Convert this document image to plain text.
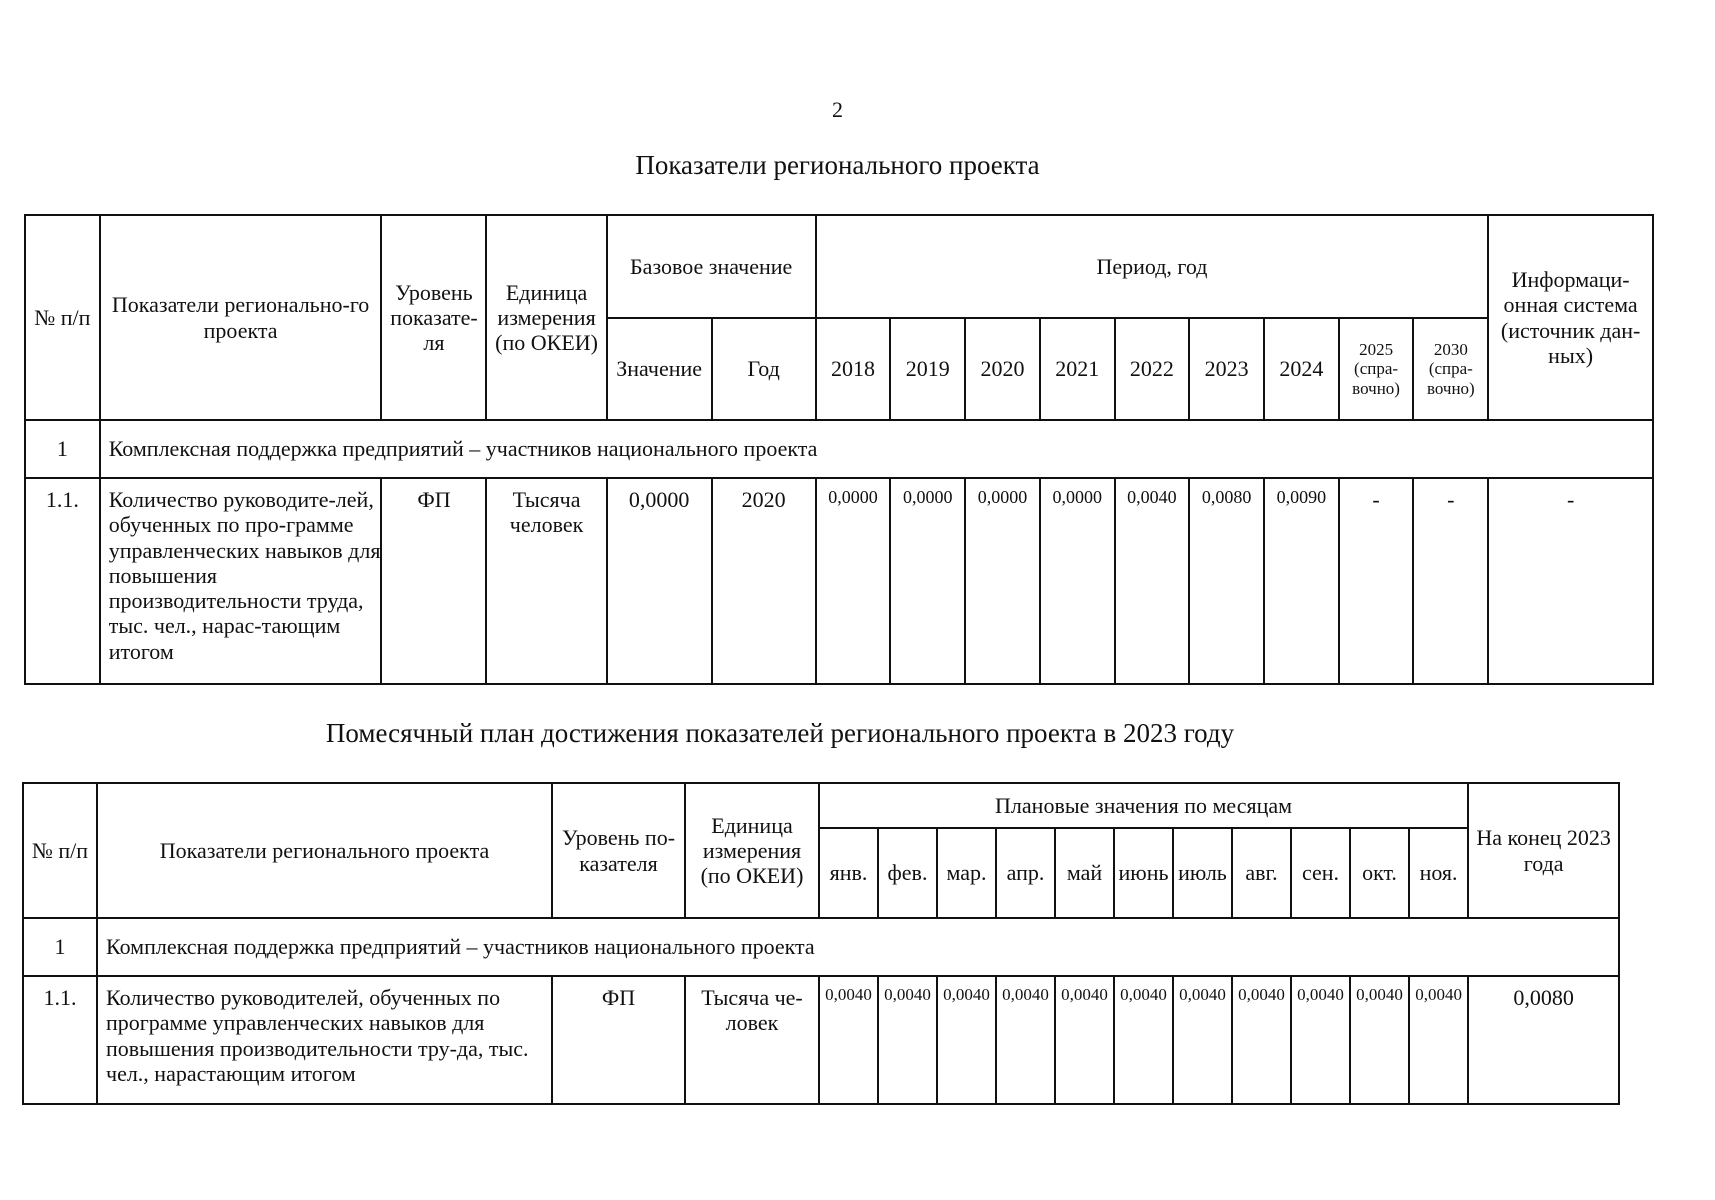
2
Показатели регионального проекта
№ п/п	Показатели регионально-го проекта	Уровень показате-ля	Единица измерения (по ОКЕИ)	Базовое значение		Период, год									Информаци-онная система (источник дан-ных)
				Значение	Год	2018	2019	2020	2021	2022	2023	2024	2025 (спра-вочно)	2030 (спра-вочно)	
1	Комплексная поддержка предприятий – участников национального проекта														
1.1.	Количество руководите-лей, обученных по про-грамме управленческих навыков для повышения производительности труда, тыс. чел., нарас-тающим итогом	ФП	Тысяча человек	0,0000	2020	0,0000	0,0000	0,0000	0,0000	0,0040	0,0080	0,0090	-	-	-
Помесячный план достижения показателей регионального проекта в 2023 году
№ п/п	Показатели регионального проекта	Уровень по-казателя	Единица измерения (по ОКЕИ)	Плановые значения по месяцам											На конец 2023 года
				янв.	фев.	мар.	апр.	май	июнь	июль	авг.	сен.	окт.	ноя.	
1	Комплексная поддержка предприятий – участников национального проекта														
1.1.	Количество руководителей, обученных по программе управленческих навыков для повышения производительности тру-да, тыс. чел., нарастающим итогом	ФП	Тысяча че-ловек	0,0040	0,0040	0,0040	0,0040	0,0040	0,0040	0,0040	0,0040	0,0040	0,0040	0,0040	0,0080
